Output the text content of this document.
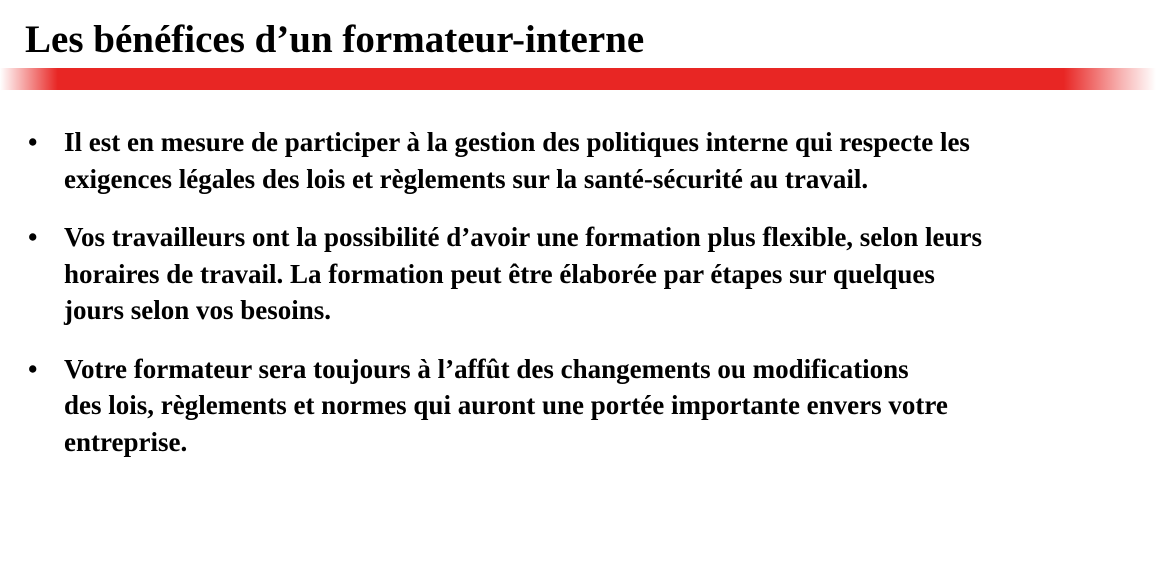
Les bénéfices d’un formateur-interne
• Il est en mesure de participer à la gestion des politiques interne qui respecte les
exigences légales des lois et règlements sur la santé-sécurité au travail.
• Vos travailleurs ont la possibilité d’avoir une formation plus flexible, selon leurs
horaires de travail. La formation peut être élaborée par étapes sur quelques
jours selon vos besoins.
• Votre formateur sera toujours à l’affût des changements ou modifications
des lois, règlements et normes qui auront une portée importante envers votre
entreprise.
